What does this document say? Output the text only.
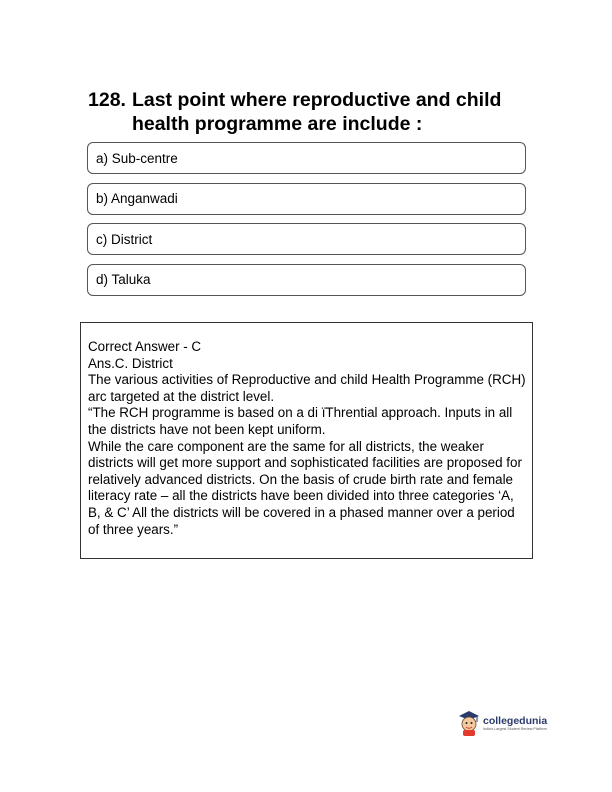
128. Last point where reproductive and child health programme are include :
a) Sub-centre
b) Anganwadi
c) District
d) Taluka

Correct Answer - C

Ans.C. District

The various activities of Reproductive and child Health Programme (RCH) arc targeted at the district level.

“The RCH programme is based on a di ïThrential approach. Inputs in all the districts have not been kept uniform.

While the care component are the same for all districts, the weaker districts will get more support and sophisticated facilities are proposed for relatively advanced districts. On the basis of crude birth rate and female literacy rate – all the districts have been divided into three categories ‘A, B, & C’ All the districts will be covered in a phased manner over a period of three years.”

collegedunia
India's Largest Student Review Platform
